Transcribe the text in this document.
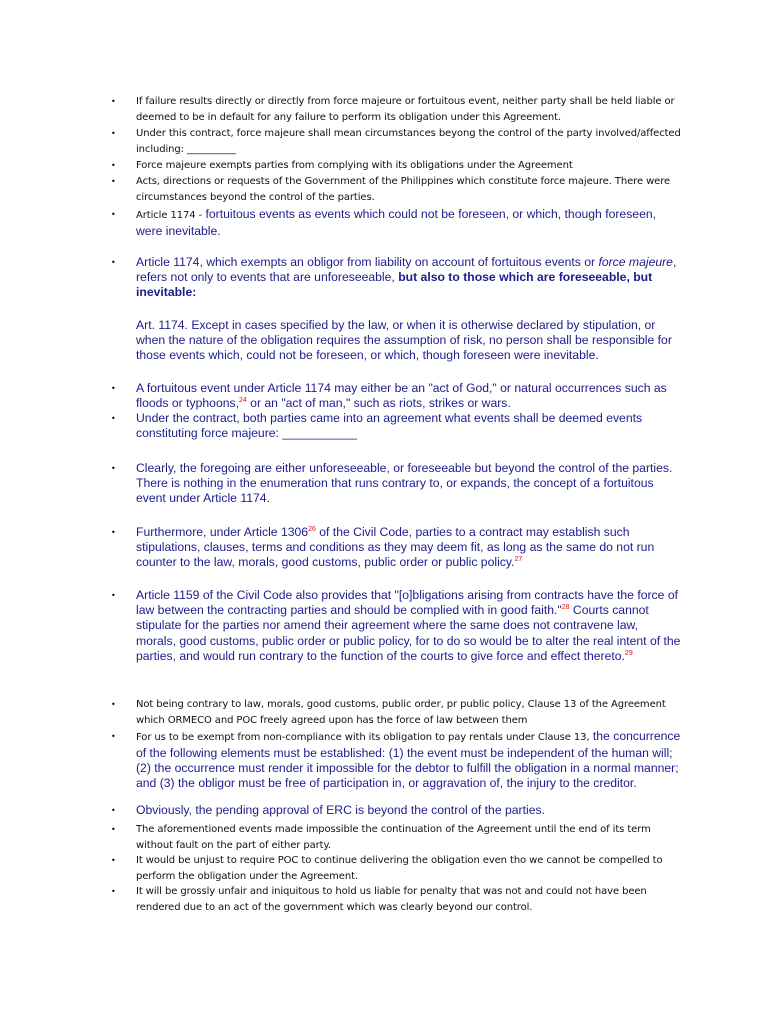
• If failure results directly or directly from force majeure or fortuitous event, neither party shall be held liable or deemed to be in default for any failure to perform its obligation under this Agreement.

• Under this contract, force majeure shall mean circumstances beyong the control of the party involved/affected including: __________

• Force majeure exempts parties from complying with its obligations under the Agreement

• Acts, directions or requests of the Government of the Philippines which constitute force majeure. There were circumstances beyond the control of the parties.

• Article 1174 - fortuitous events as events which could not be foreseen, or which, though foreseen, were inevitable.

• Article 1174, which exempts an obligor from liability on account of fortuitous events or force majeure, refers not only to events that are unforeseeable, but also to those which are foreseeable, but inevitable:

Art. 1174. Except in cases specified by the law, or when it is otherwise declared by stipulation, or when the nature of the obligation requires the assumption of risk, no person shall be responsible for those events which, could not be foreseen, or which, though foreseen were inevitable.

• A fortuitous event under Article 1174 may either be an "act of God," or natural occurrences such as floods or typhoons,$^{24}$ or an "act of man," such as riots, strikes or wars.

• Under the contract, both parties came into an agreement what events shall be deemed events constituting force majeure: ___________

• Clearly, the foregoing are either unforeseeable, or foreseeable but beyond the control of the parties. There is nothing in the enumeration that runs contrary to, or expands, the concept of a fortuitous event under Article 1174.

• Furthermore, under Article 1306$^{26}$ of the Civil Code, parties to a contract may establish such stipulations, clauses, terms and conditions as they may deem fit, as long as the same do not run counter to the law, morals, good customs, public order or public policy.$^{27}$

• Article 1159 of the Civil Code also provides that "[o]bligations arising from contracts have the force of law between the contracting parties and should be complied with in good faith."$^{28}$ Courts cannot stipulate for the parties nor amend their agreement where the same does not contravene law, morals, good customs, public order or public policy, for to do so would be to alter the real intent of the parties, and would run contrary to the function of the courts to give force and effect thereto.$^{29}$

• Not being contrary to law, morals, good customs, public order, pr public policy, Clause 13 of the Agreement which ORMECO and POC freely agreed upon has the force of law between them

• For us to be exempt from non-compliance with its obligation to pay rentals under Clause 13, the concurrence of the following elements must be established: (1) the event must be independent of the human will; (2) the occurrence must render it impossible for the debtor to fulfill the obligation in a normal manner; and (3) the obligor must be free of participation in, or aggravation of, the injury to the creditor.

• Obviously, the pending approval of ERC is beyond the control of the parties.

• The aforementioned events made impossible the continuation of the Agreement until the end of its term without fault on the part of either party.

• It would be unjust to require POC to continue delivering the obligation even tho we cannot be compelled to perform the obligation under the Agreement.

• It will be grossly unfair and iniquitous to hold us liable for penalty that was not and could not have been rendered due to an act of the government which was clearly beyond our control.
